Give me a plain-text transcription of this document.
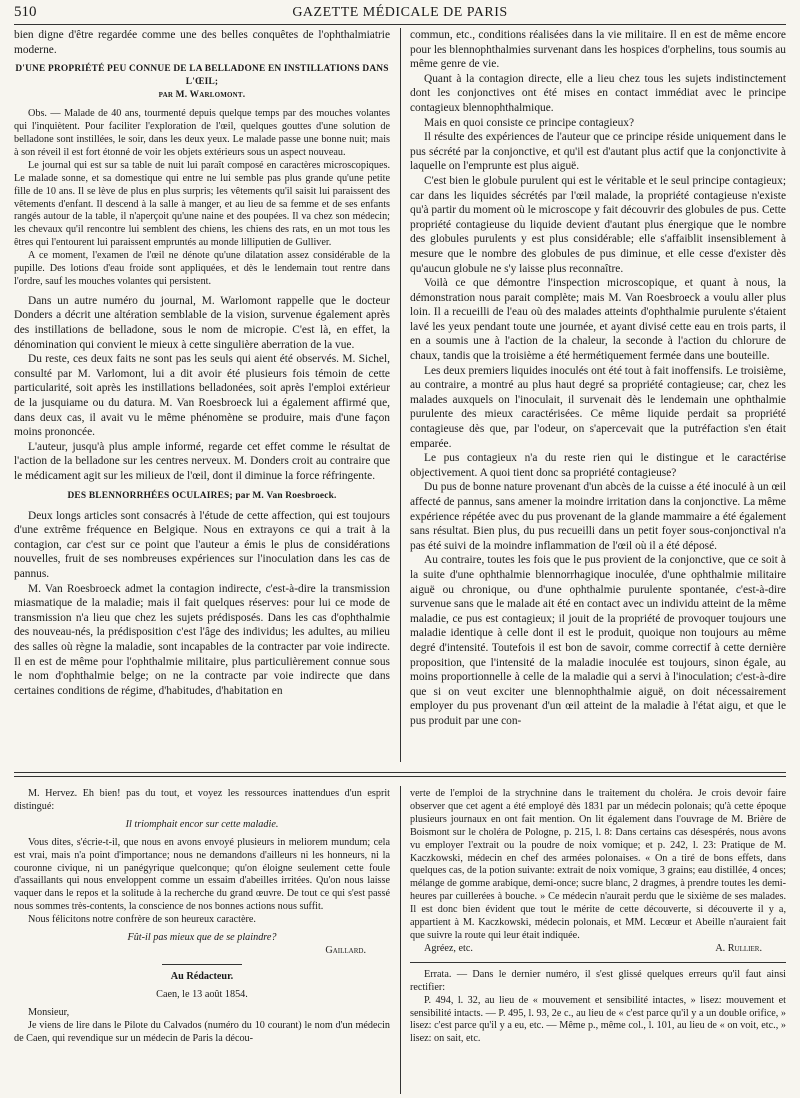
510	GAZETTE MÉDICALE DE PARIS

bien digne d'être regardée comme une des belles conquêtes de l'ophthalmiatrie moderne.

D'UNE PROPRIÉTÉ PEU CONNUE DE LA BELLADONE EN INSTILLATIONS DANS L'ŒIL;
par M. Warlomont.

Obs. — Malade de 40 ans, tourmenté depuis quelque temps par des mouches volantes qui l'inquiètent. Pour faciliter l'exploration de l'œil, quelques gouttes d'une solution de belladone sont instillées, le soir, dans les deux yeux. Le malade passe une bonne nuit; mais à son réveil il est fort étonné de voir les objets extérieurs sous un aspect nouveau.

Le journal qui est sur sa table de nuit lui paraît composé en caractères microscopiques. Le malade sonne, et sa domestique qui entre ne lui semble pas plus grande qu'une petite fille de 10 ans. Il se lève de plus en plus surpris; les vêtements qu'il saisit lui paraissent des vêtements d'enfant. Il descend à la salle à manger, et au lieu de sa femme et de ses enfants rangés autour de la table, il n'aperçoit qu'une naine et des poupées. Il va chez son médecin; les chevaux qu'il rencontre lui semblent des chiens, les chiens des rats, en un mot tous les êtres qui l'entourent lui paraissent empruntés au monde lilliputien de Gulliver.

A ce moment, l'examen de l'œil ne dénote qu'une dilatation assez considérable de la pupille. Des lotions d'eau froide sont appliquées, et dès le lendemain tout rentre dans l'ordre, sauf les mouches volantes qui persistent.

Dans un autre numéro du journal, M. Warlomont rappelle que le docteur Donders a décrit une altération semblable de la vision, survenue également après des instillations de belladone, sous le nom de micropie. C'est là, en effet, la dénomination qui convient le mieux à cette singulière aberration de la vue.

Du reste, ces deux faits ne sont pas les seuls qui aient été observés. M. Sichel, consulté par M. Varlomont, lui a dit avoir été plusieurs fois témoin de cette particularité, soit après les instillations belladonées, soit après l'emploi extérieur de la jusquiame ou du datura. M. Van Roesbroeck lui a également affirmé que, dans deux cas, il avait vu le même phénomène se produire, mais d'une façon moins prononcée.

L'auteur, jusqu'à plus ample informé, regarde cet effet comme le résultat de l'action de la belladone sur les centres nerveux. M. Donders croit au contraire que le médicament agit sur les milieux de l'œil, dont il diminue la force réfringente.

DES BLENNORRHÉES OCULAIRES; par M. Van Roesbroeck.

Deux longs articles sont consacrés à l'étude de cette affection, qui est toujours d'une extrême fréquence en Belgique. Nous en extrayons ce qui a trait à la contagion, car c'est sur ce point que l'auteur a émis le plus de considérations nouvelles, fruit de ses nombreuses expériences sur l'inoculation dans les cas de pannus.

M. Van Roesbroeck admet la contagion indirecte, c'est-à-dire la transmission miasmatique de la maladie; mais il fait quelques réserves: pour lui ce mode de transmission n'a lieu que chez les sujets prédisposés. Dans les cas d'ophthalmie des nouveau-nés, la prédisposition c'est l'âge des individus; les adultes, au milieu des salles où règne la maladie, sont incapables de la contracter par voie indirecte. Il en est de même pour l'ophthalmie militaire, plus particulièrement connue sous le nom d'ophthalmie belge; on ne la contracte par voie indirecte que dans certaines conditions de régime, d'habitudes, d'habitation en

commun, etc., conditions réalisées dans la vie militaire. Il en est de même encore pour les blennophthalmies survenant dans les hospices d'orphelins, tous soumis au même genre de vie.

Quant à la contagion directe, elle a lieu chez tous les sujets indistinctement dont les conjonctives ont été mises en contact immédiat avec le principe contagieux blennophthalmique.

Mais en quoi consiste ce principe contagieux?

Il résulte des expériences de l'auteur que ce principe réside uniquement dans le pus sécrété par la conjonctive, et qu'il est d'autant plus actif que la conjonctivite à laquelle on l'emprunte est plus aiguë.

C'est bien le globule purulent qui est le véritable et le seul principe contagieux; car dans les liquides sécrétés par l'œil malade, la propriété contagieuse n'existe qu'à partir du moment où le microscope y fait découvrir des globules de pus. Cette propriété contagieuse du liquide devient d'autant plus énergique que le nombre des globules purulents y est plus considérable; elle s'affaiblit insensiblement à mesure que le nombre des globules de pus diminue, et elle cesse d'exister dès qu'aucun globule ne s'y laisse plus reconnaître.

Voilà ce que démontre l'inspection microscopique, et quant à nous, la démonstration nous parait complète; mais M. Van Roesbroeck a voulu aller plus loin. Il a recueilli de l'eau où des malades atteints d'ophthalmie purulente s'étaient lavé les yeux pendant toute une journée, et ayant divisé cette eau en trois parts, il en a soumis une à l'action de la chaleur, la seconde à l'action du chlorure de chaux, tandis que la troisième a été hermétiquement fermée dans une bouteille.

Les deux premiers liquides inoculés ont été tout à fait inoffensifs. Le troisième, au contraire, a montré au plus haut degré sa propriété contagieuse; car, chez les malades auxquels on l'inoculait, il survenait dès le lendemain une ophthalmie purulente des mieux caractérisées. Ce même liquide perdait sa propriété contagieuse dès que, par l'odeur, on s'apercevait que la putréfaction s'en était emparée.

Le pus contagieux n'a du reste rien qui le distingue et le caractérise objectivement. A quoi tient donc sa propriété contagieuse?

Du pus de bonne nature provenant d'un abcès de la cuisse a été inoculé à un œil affecté de pannus, sans amener la moindre irritation dans la conjonctive. La même expérience répétée avec du pus provenant de la glande mammaire a été également sans résultat. Bien plus, du pus recueilli dans un petit foyer sous-conjonctival n'a pas été suivi de la moindre inflammation de l'œil où il a été déposé.

Au contraire, toutes les fois que le pus provient de la conjonctive, que ce soit à la suite d'une ophthalmie blennorrhagique inoculée, d'une ophthalmie militaire aiguë ou chronique, ou d'une ophthalmie purulente spontanée, c'est-à-dire survenue sans que le malade ait été en contact avec un individu atteint de la même maladie, ce pus est contagieux; il jouit de la propriété de provoquer toujours une maladie identique à celle dont il est le produit, quoique non toujours au même degré d'intensité. Toutefois il est bon de savoir, comme correctif à cette dernière proposition, que l'intensité de la maladie inoculée est toujours, sinon égale, au moins proportionnelle à celle de la maladie qui a servi à l'inoculation; c'est-à-dire que si on veut exciter une blennophthalmie aiguë, on doit nécessairement employer du pus provenant d'un œil atteint de la maladie à l'état aigu, et que le pus produit par une con-

M. Hervez. Eh bien! pas du tout, et voyez les ressources inattendues d'un esprit distingué:

Il triomphait encor sur cette maladie.

Vous dites, s'écrie-t-il, que nous en avons envoyé plusieurs in meliorem mundum; cela est vrai, mais n'a point d'importance; nous ne demandons d'ailleurs ni les honneurs, ni la couronne civique, ni un panégyrique quelconque; qu'on éloigne seulement cette foule d'assaillants qui nous enveloppent comme un essaim d'abeilles irritées. Qu'on nous laisse vaquer dans le repos et la solitude à la recherche du grand œuvre. De tout ce qui s'est passé nous sommes très-contents, la conscience de nos bonnes actions nous suffit.

Nous félicitons notre confrère de son heureux caractère.

Fût-il pas mieux que de se plaindre?

Gaillard.

Au Rédacteur.

Caen, le 13 août 1854.

Monsieur,

Je viens de lire dans le Pilote du Calvados (numéro du 10 courant) le nom d'un médecin de Caen, qui revendique sur un médecin de Paris la décou-

verte de l'emploi de la strychnine dans le traitement du choléra. Je crois devoir faire observer que cet agent a été employé dès 1831 par un médecin polonais; qu'à cette époque plusieurs journaux en ont fait mention. On lit également dans l'ouvrage de M. Brière de Boismont sur le choléra de Pologne, p. 215, l. 8: Dans certains cas désespérés, nous avons vu employer l'extrait ou la poudre de noix vomique; et p. 242, l. 23: Pratique de M. Kaczkowski, médecin en chef des armées polonaises. « On a tiré de bons effets, dans quelques cas, de la potion suivante: extrait de noix vomique, 3 grains; eau distillée, 4 onces; mélange de gomme arabique, demi-once; sucre blanc, 2 dragmes, à prendre toutes les demi-heures par cuillerées à bouche. » Ce médecin n'aurait perdu que le sixième de ses malades. Il est donc bien évident que tout le mérite de cette découverte, si découverte il y a, appartient à M. Kaczkowski, médecin polonais, et MM. Lecœur et Abeille n'auraient fait que suivre la route qui leur était indiquée.

Agréez, etc.	A. Rullier.

Errata. — Dans le dernier numéro, il s'est glissé quelques erreurs qu'il faut ainsi rectifier:

P. 494, l. 32, au lieu de « mouvement et sensibilité intactes, » lisez: mouvement et sensibilité intacts. — P. 495, l. 93, 2e c., au lieu de « c'est parce qu'il y a un double orifice, » lisez: c'est parce qu'il y a eu, etc. — Même p., même col., l. 101, au lieu de « on voit, etc., » lisez: on sait, etc.
